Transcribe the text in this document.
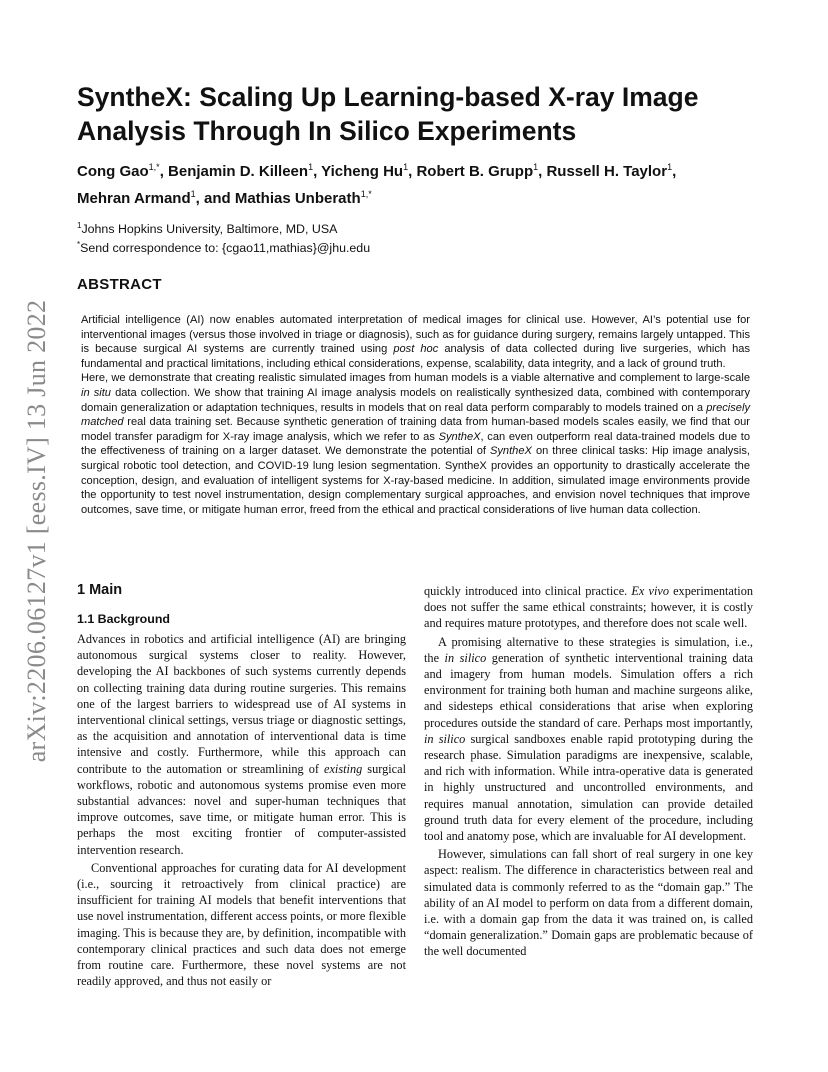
arXiv:2206.06127v1 [eess.IV] 13 Jun 2022
SyntheX: Scaling Up Learning-based X-ray Image Analysis Through In Silico Experiments
Cong Gao$^{1,*}$, Benjamin D. Killeen$^1$, Yicheng Hu$^1$, Robert B. Grupp$^1$, Russell H. Taylor$^1$,
Mehran Armand$^1$, and Mathias Unberath$^{1,*}$
$^1$Johns Hopkins University, Baltimore, MD, USA
*Send correspondence to: {cgao11,mathias}@jhu.edu
ABSTRACT

Artificial intelligence (AI) now enables automated interpretation of medical images for clinical use. However, AI’s potential use for interventional images (versus those involved in triage or diagnosis), such as for guidance during surgery, remains largely untapped. This is because surgical AI systems are currently trained using post hoc analysis of data collected during live surgeries, which has fundamental and practical limitations, including ethical considerations, expense, scalability, data integrity, and a lack of ground truth.

Here, we demonstrate that creating realistic simulated images from human models is a viable alternative and complement to large-scale in situ data collection. We show that training AI image analysis models on realistically synthesized data, combined with contemporary domain generalization or adaptation techniques, results in models that on real data perform comparably to models trained on a precisely matched real data training set. Because synthetic generation of training data from human-based models scales easily, we find that our model transfer paradigm for X-ray image analysis, which we refer to as SyntheX, can even outperform real data-trained models due to the effectiveness of training on a larger dataset. We demonstrate the potential of SyntheX on three clinical tasks: Hip image analysis, surgical robotic tool detection, and COVID-19 lung lesion segmentation. SyntheX provides an opportunity to drastically accelerate the conception, design, and evaluation of intelligent systems for X-ray-based medicine. In addition, simulated image environments provide the opportunity to test novel instrumentation, design complementary surgical approaches, and envision novel techniques that improve outcomes, save time, or mitigate human error, freed from the ethical and practical considerations of live human data collection.

1 Main
1.1 Background

Advances in robotics and artificial intelligence (AI) are bringing autonomous surgical systems closer to reality. However, developing the AI backbones of such systems currently depends on collecting training data during routine surgeries. This remains one of the largest barriers to widespread use of AI systems in interventional clinical settings, versus triage or diagnostic settings, as the acquisition and annotation of interventional data is time intensive and costly. Furthermore, while this approach can contribute to the automation or streamlining of existing surgical workflows, robotic and autonomous systems promise even more substantial advances: novel and super-human techniques that improve outcomes, save time, or mitigate human error. This is perhaps the most exciting frontier of computer-assisted intervention research.

Conventional approaches for curating data for AI development (i.e., sourcing it retroactively from clinical practice) are insufficient for training AI models that benefit interventions that use novel instrumentation, different access points, or more flexible imaging. This is because they are, by definition, incompatible with contemporary clinical practices and such data does not emerge from routine care. Furthermore, these novel systems are not readily approved, and thus not easily or

quickly introduced into clinical practice. Ex vivo experimentation does not suffer the same ethical constraints; however, it is costly and requires mature prototypes, and therefore does not scale well.

A promising alternative to these strategies is simulation, i.e., the in silico generation of synthetic interventional training data and imagery from human models. Simulation offers a rich environment for training both human and machine surgeons alike, and sidesteps ethical considerations that arise when exploring procedures outside the standard of care. Perhaps most importantly, in silico surgical sandboxes enable rapid prototyping during the research phase. Simulation paradigms are inexpensive, scalable, and rich with information. While intra-operative data is generated in highly unstructured and uncontrolled environments, and requires manual annotation, simulation can provide detailed ground truth data for every element of the procedure, including tool and anatomy pose, which are invaluable for AI development.

However, simulations can fall short of real surgery in one key aspect: realism. The difference in characteristics between real and simulated data is commonly referred to as the “domain gap.” The ability of an AI model to perform on data from a different domain, i.e. with a domain gap from the data it was trained on, is called “domain generalization.” Domain gaps are problematic because of the well documented
